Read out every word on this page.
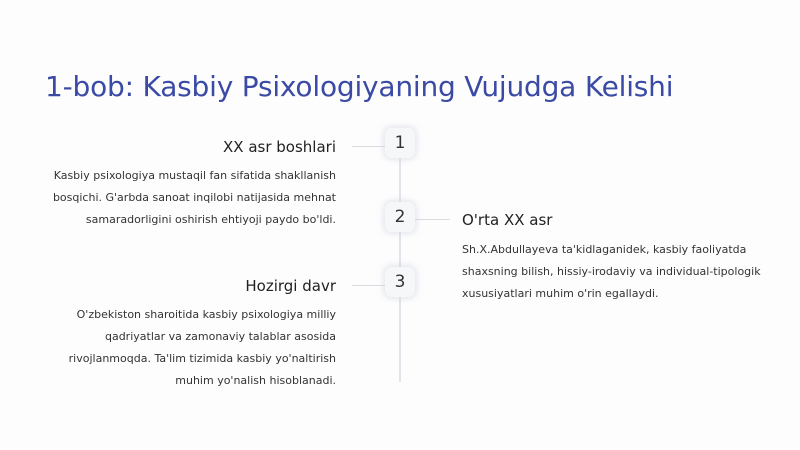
1-bob: Kasbiy Psixologiyaning Vujudga Kelishi
1
XX asr boshlari

Kasbiy psixologiya mustaqil fan sifatida shakllanish bosqichi. G'arbda sanoat inqilobi natijasida mehnat samaradorligini oshirish ehtiyoji paydo bo'ldi.	2	O'rta XX asr

Sh.X.Abdullayeva ta'kidlaganidek, kasbiy faoliyatda shaxsning bilish, hissiy-irodaviy va individual-tipologik xususiyatlari muhim o'rin egallaydi.

3
Hozirgi davr

O'zbekiston sharoitida kasbiy psixologiya milliy qadriyatlar va zamonaviy talablar asosida rivojlanmoqda. Ta'lim tizimida kasbiy yo'naltirish muhim yo'nalish hisoblanadi.
